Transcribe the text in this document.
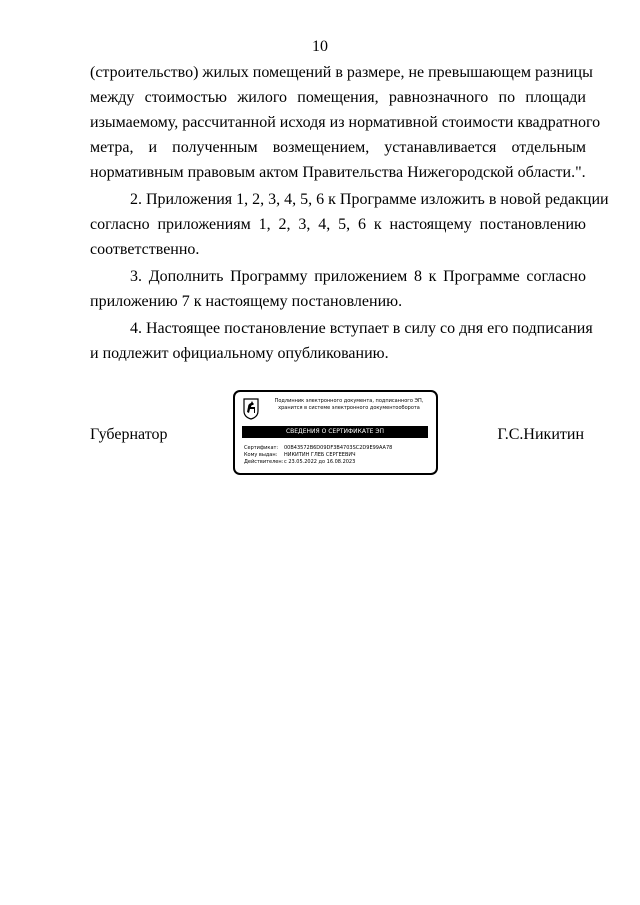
10
(строительство) жилых помещений в размере, не превышающем разницы
между стоимостью жилого помещения, равнозначного по площади
изымаемому, рассчитанной исходя из нормативной стоимости квадратного
метра, и полученным возмещением, устанавливается отдельным
нормативным правовым актом Правительства Нижегородской области.".
2. Приложения 1, 2, 3, 4, 5, 6 к Программе изложить в новой редакции
согласно приложениям 1, 2, 3, 4, 5, 6 к настоящему постановлению
соответственно.
3. Дополнить Программу приложением 8 к Программе согласно
приложению 7 к настоящему постановлению.
4. Настоящее постановление вступает в силу со дня его подписания
и подлежит официальному опубликованию.
Губернатор	Г.С.Никитин
Подлинник электронного документа, подписанного ЭП,
хранится в системе электронного документооборота
СВЕДЕНИЯ О СЕРТИФИКАТЕ ЭП
Сертификат: 00B43572B6D09DF3B4703SC2D9E99AA78
Кому выдан: НИКИТИН ГЛЕБ СЕРГЕЕВИЧ
Действителен:с 23.05.2022 до 16.08.2023
